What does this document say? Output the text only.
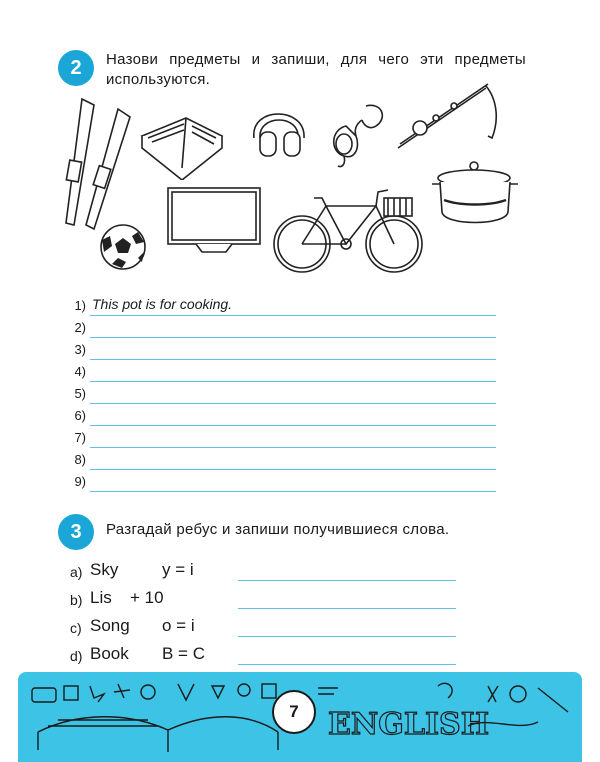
2 Назови предметы и запиши, для чего эти предметы
используются.
1) This pot is for cooking.
2)
3)
4)
5)
6)
7)
8)
9)
3 Разгадай ребус и запиши получившиеся слова.
a) Sky	y = i
b) Lis + 10
c) Song o = i
d) Book B = C
ENGLISH
7
